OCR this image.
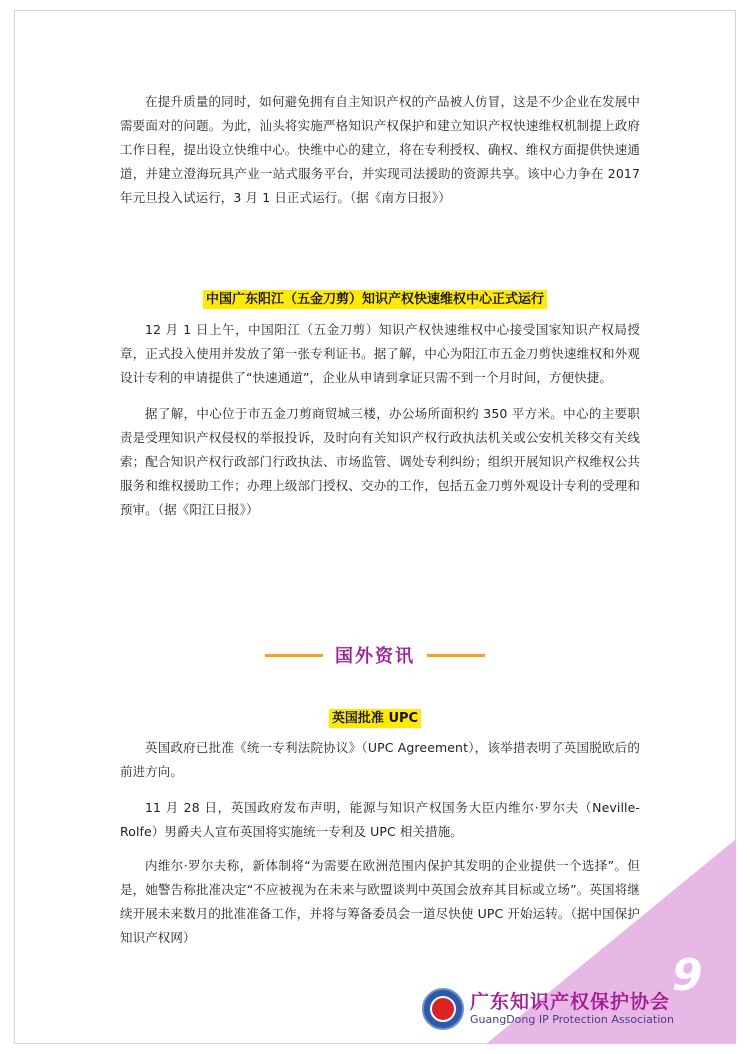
在提升质量的同时，如何避免拥有自主知识产权的产品被人仿冒，这是不少企业在发展中需要面对的问题。为此，汕头将实施严格知识产权保护和建立知识产权快速维权机制提上政府工作日程，提出设立快维中心。快维中心的建立，将在专利授权、确权、维权方面提供快速通道，并建立澄海玩具产业一站式服务平台，并实现司法援助的资源共享。该中心力争在 2017 年元旦投入试运行，3 月 1 日正式运行。（据《南方日报》）

中国广东阳江（五金刀剪）知识产权快速维权中心正式运行

12 月 1 日上午，中国阳江（五金刀剪）知识产权快速维权中心接受国家知识产权局授章，正式投入使用并发放了第一张专利证书。据了解，中心为阳江市五金刀剪快速维权和外观设计专利的申请提供了“快速通道”，企业从申请到拿证只需不到一个月时间，方便快捷。

据了解，中心位于市五金刀剪商贸城三楼，办公场所面积约 350 平方米。中心的主要职责是受理知识产权侵权的举报投诉，及时向有关知识产权行政执法机关或公安机关移交有关线索；配合知识产权行政部门行政执法、市场监管、调处专利纠纷；组织开展知识产权维权公共服务和维权援助工作；办理上级部门授权、交办的工作，包括五金刀剪外观设计专利的受理和预审。（据《阳江日报》）

国外资讯
英国批准 UPC

英国政府已批准《统一专利法院协议》（UPC Agreement），该举措表明了英国脱欧后的前进方向。

11 月 28 日，英国政府发布声明，能源与知识产权国务大臣内维尔·罗尔夫（Neville-Rolfe）男爵夫人宣布英国将实施统一专利及 UPC 相关措施。

内维尔·罗尔夫称，新体制将“为需要在欧洲范围内保护其发明的企业提供一个选择”。但是，她警告称批准决定“不应被视为在未来与欧盟谈判中英国会放弃其目标或立场”。英国将继续开展未来数月的批准准备工作，并将与筹备委员会一道尽快使 UPC 开始运转。（据中国保护知识产权网）

9
广东知识产权保护协会
GuangDong IP Protection Association
